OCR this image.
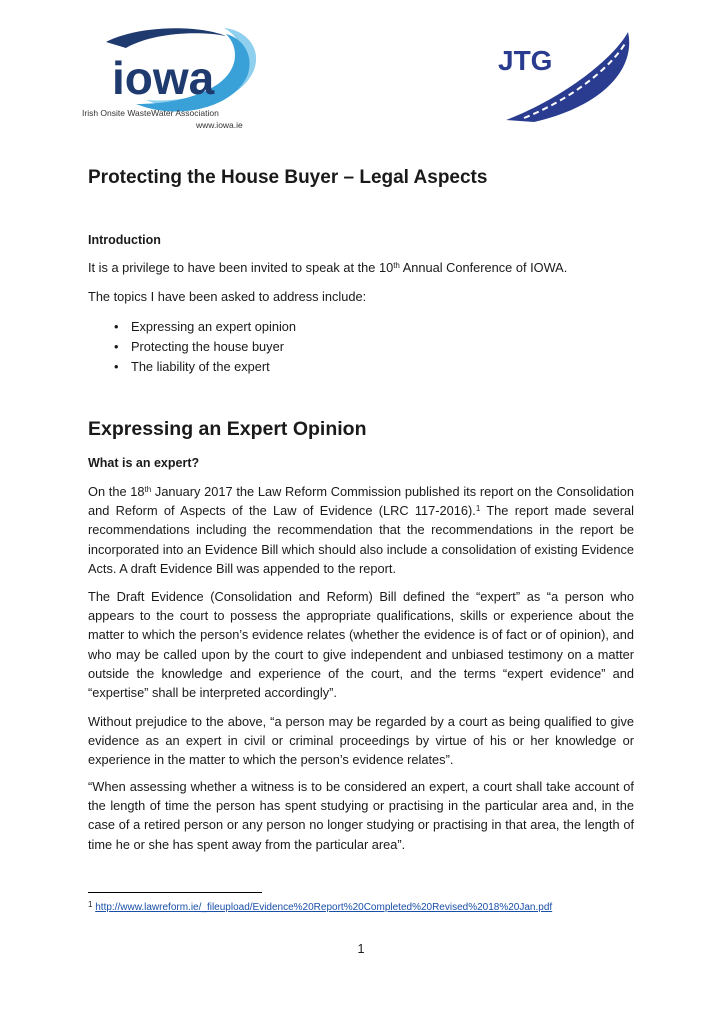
iowa
Irish Onsite WasteWater Association
www.iowa.ie
JTG
Protecting the House Buyer – Legal Aspects
Introduction

It is a privilege to have been invited to speak at the 10th Annual Conference of IOWA.

The topics I have been asked to address include:

• Expressing an expert opinion
• Protecting the house buyer
• The liability of the expert
Expressing an Expert Opinion
What is an expert?

On the 18th January 2017 the Law Reform Commission published its report on the Consolidation and Reform of Aspects of the Law of Evidence (LRC 117-2016).$^1$ The report made several recommendations including the recommendation that the recommendations in the report be incorporated into an Evidence Bill which should also include a consolidation of existing Evidence Acts. A draft Evidence Bill was appended to the report.

The Draft Evidence (Consolidation and Reform) Bill defined the “expert” as “a person who appears to the court to possess the appropriate qualifications, skills or experience about the matter to which the person’s evidence relates (whether the evidence is of fact or of opinion), and who may be called upon by the court to give independent and unbiased testimony on a matter outside the knowledge and experience of the court, and the terms “expert evidence” and “expertise” shall be interpreted accordingly”.

Without prejudice to the above, “a person may be regarded by a court as being qualified to give evidence as an expert in civil or criminal proceedings by virtue of his or her knowledge or experience in the matter to which the person’s evidence relates”.

“When assessing whether a witness is to be considered an expert, a court shall take account of the length of time the person has spent studying or practising in the particular area and, in the case of a retired person or any person no longer studying or practising in that area, the length of time he or she has spent away from the particular area”.

$^1$ http://www.lawreform.ie/_fileupload/Evidence%20Report%20Completed%20Revised%2018%20Jan.pdf
1
